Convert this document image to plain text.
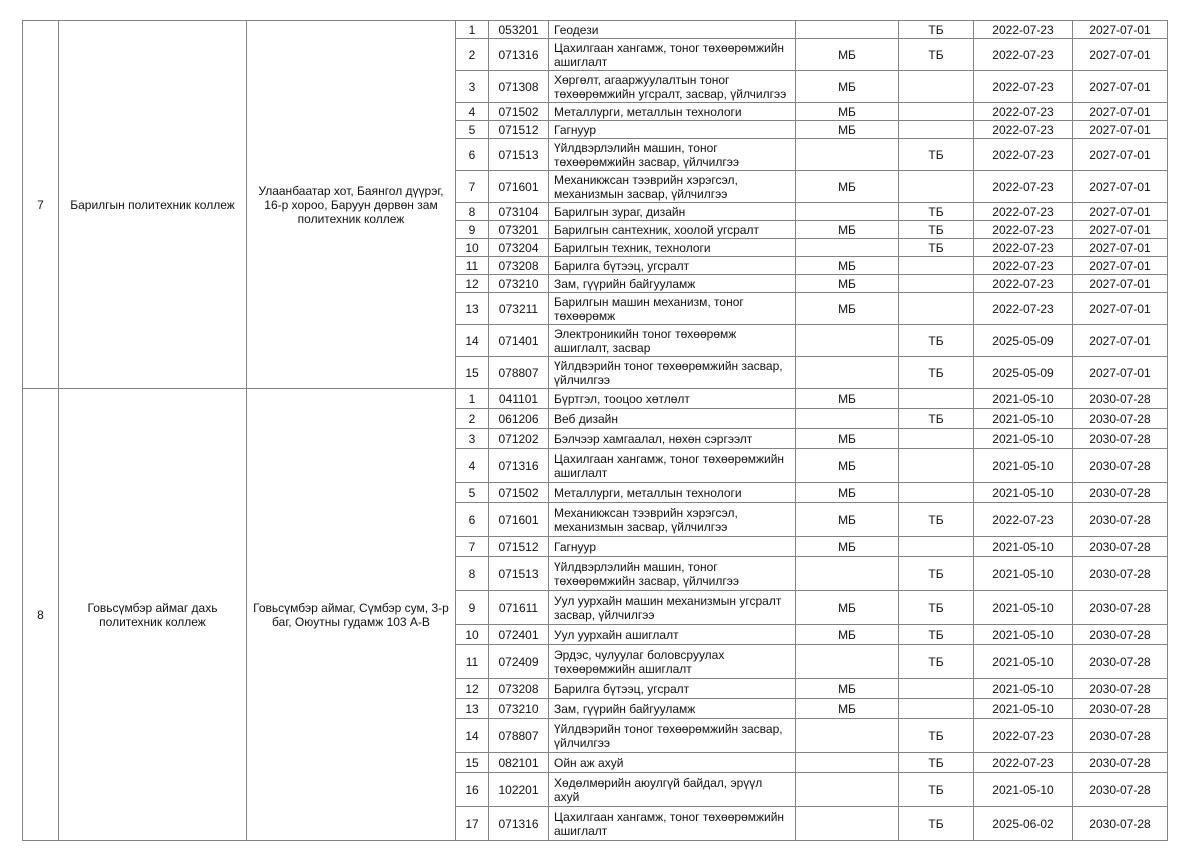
7	Барилгын политехник коллеж	Улаанбаатар хот, Баянгол дүүрэг, 16-р хороо, Баруун дөрвөн зам политехник коллеж	1	053201	Геодези		ТБ	2022-07-23	2027-07-01
			2	071316	Цахилгаан хангамж, тоног төхөөрөмжийн ашиглалт	МБ	ТБ	2022-07-23	2027-07-01
			3	071308	Хөргөлт, агааржуулалтын тоног төхөөрөмжийн угсралт, засвар, үйлчилгээ	МБ		2022-07-23	2027-07-01
			4	071502	Металлурги, металлын технологи	МБ		2022-07-23	2027-07-01
			5	071512	Гагнуур	МБ		2022-07-23	2027-07-01
			6	071513	Үйлдвэрлэлийн машин, тоног төхөөрөмжийн засвар, үйлчилгээ		ТБ	2022-07-23	2027-07-01
			7	071601	Механикжсан тээврийн хэрэгсэл, механизмын засвар, үйлчилгээ	МБ		2022-07-23	2027-07-01
			8	073104	Барилгын зураг, дизайн		ТБ	2022-07-23	2027-07-01
			9	073201	Барилгын сантехник, хоолой угсралт	МБ	ТБ	2022-07-23	2027-07-01
			10	073204	Барилгын техник, технологи		ТБ	2022-07-23	2027-07-01
			11	073208	Барилга бүтээц, угсралт	МБ		2022-07-23	2027-07-01
			12	073210	Зам, гүүрийн байгууламж	МБ		2022-07-23	2027-07-01
			13	073211	Барилгын машин механизм, тоног төхөөрөмж	МБ		2022-07-23	2027-07-01
			14	071401	Электроникийн тоног төхөөрөмж ашиглалт, засвар		ТБ	2025-05-09	2027-07-01
			15	078807	Үйлдвэрийн тоног төхөөрөмжийн засвар, үйлчилгээ		ТБ	2025-05-09	2027-07-01
8	Говьсүмбэр аймаг дахь политехник коллеж	Говьсүмбэр аймаг, Сүмбэр сум, 3-р баг, Оюутны гудамж 103 А-В	1	041101	Бүртгэл, тооцоо хөтлөлт	МБ		2021-05-10	2030-07-28
			2	061206	Веб дизайн		ТБ	2021-05-10	2030-07-28
			3	071202	Бэлчээр хамгаалал, нөхөн сэргээлт	МБ		2021-05-10	2030-07-28
			4	071316	Цахилгаан хангамж, тоног төхөөрөмжийн ашиглалт	МБ		2021-05-10	2030-07-28
			5	071502	Металлурги, металлын технологи	МБ		2021-05-10	2030-07-28
			6	071601	Механикжсан тээврийн хэрэгсэл, механизмын засвар, үйлчилгээ	МБ	ТБ	2022-07-23	2030-07-28
			7	071512	Гагнуур	МБ		2021-05-10	2030-07-28
			8	071513	Үйлдвэрлэлийн машин, тоног төхөөрөмжийн засвар, үйлчилгээ		ТБ	2021-05-10	2030-07-28
			9	071611	Уул уурхайн машин механизмын угсралт засвар, үйлчилгээ	МБ	ТБ	2021-05-10	2030-07-28
			10	072401	Уул уурхайн ашиглалт	МБ	ТБ	2021-05-10	2030-07-28
			11	072409	Эрдэс, чулуулаг боловсруулах төхөөрөмжийн ашиглалт		ТБ	2021-05-10	2030-07-28
			12	073208	Барилга бүтээц, угсралт	МБ		2021-05-10	2030-07-28
			13	073210	Зам, гүүрийн байгууламж	МБ		2021-05-10	2030-07-28
			14	078807	Үйлдвэрийн тоног төхөөрөмжийн засвар, үйлчилгээ		ТБ	2022-07-23	2030-07-28
			15	082101	Ойн аж ахуй		ТБ	2022-07-23	2030-07-28
			16	102201	Хөдөлмөрийн аюулгүй байдал, эрүүл ахуй		ТБ	2021-05-10	2030-07-28
			17	071316	Цахилгаан хангамж, тоног төхөөрөмжийн ашиглалт		ТБ	2025-06-02	2030-07-28
